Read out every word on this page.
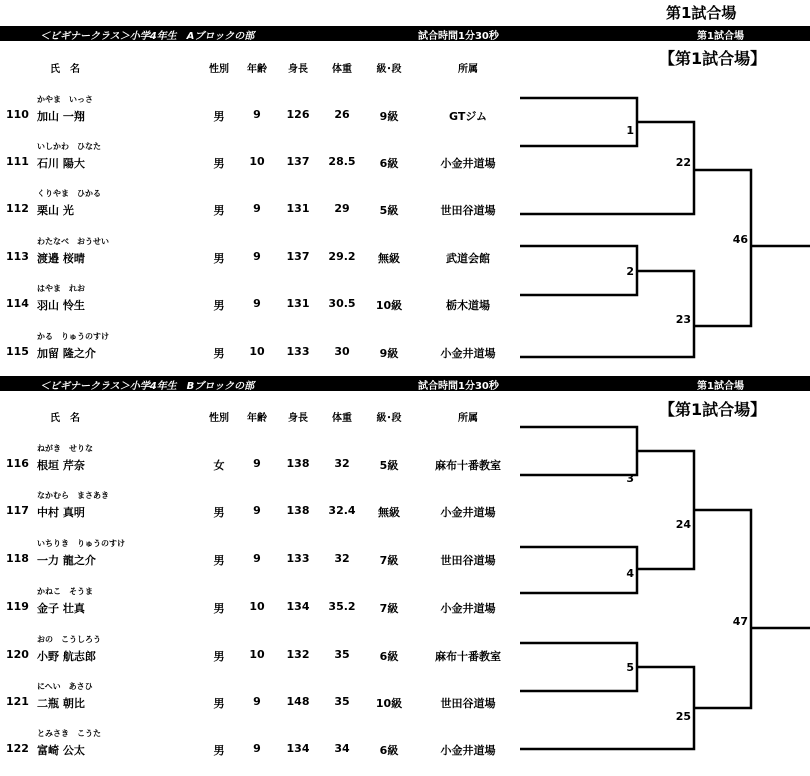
第1試合場
＜ビギナークラス＞小学4年生　Aブロックの部	試合時間1分30秒	第1試合場
【第1試合場】
氏　名	性別 年齢 身長 体重 級･段	所属
かやま　いっさ
110 加山 一翔	男	9 126 26	9級	GTジム
いしかわ　ひなた
111 石川 陽大	男 10 137 28.5 6級	小金井道場
くりやま　ひかる
112 栗山 光	男	9 131 29	5級	世田谷道場
わたなべ　おうせい
113 渡邉 桜晴	男	9 137 29.2 無級	武道会館
はやま　れお
114 羽山 怜生	男	9 131 30.5 10級	栃木道場
かる　りゅうのすけ
115 加留 隆之介	男 10 133 30	9級	小金井道場
＜ビギナークラス＞小学4年生　Bブロックの部	試合時間1分30秒	第1試合場
【第1試合場】
氏　名	性別 年齢 身長 体重 級･段	所属
ねがき　せりな
116 根垣 芹奈	女	9 138 32	5級	麻布十番教室
なかむら　まさあき
117 中村 真明	男	9 138 32.4 無級	小金井道場
いちりき　りゅうのすけ
118 一力 龍之介	男	9 133 32	7級	世田谷道場
かねこ　そうま
119 金子 壮真	男 10 134 35.2 7級	小金井道場
おの　こうしろう
120 小野 航志郎	男 10 132 35	6級	麻布十番教室
にへい　あさひ
121 二瓶 朝比	男	9 148 35 10級	世田谷道場
とみさき　こうた
122 富崎 公太	男	9 134 34	6級	小金井道場
1
2
22
23
46
3
4
5
24
25
47
